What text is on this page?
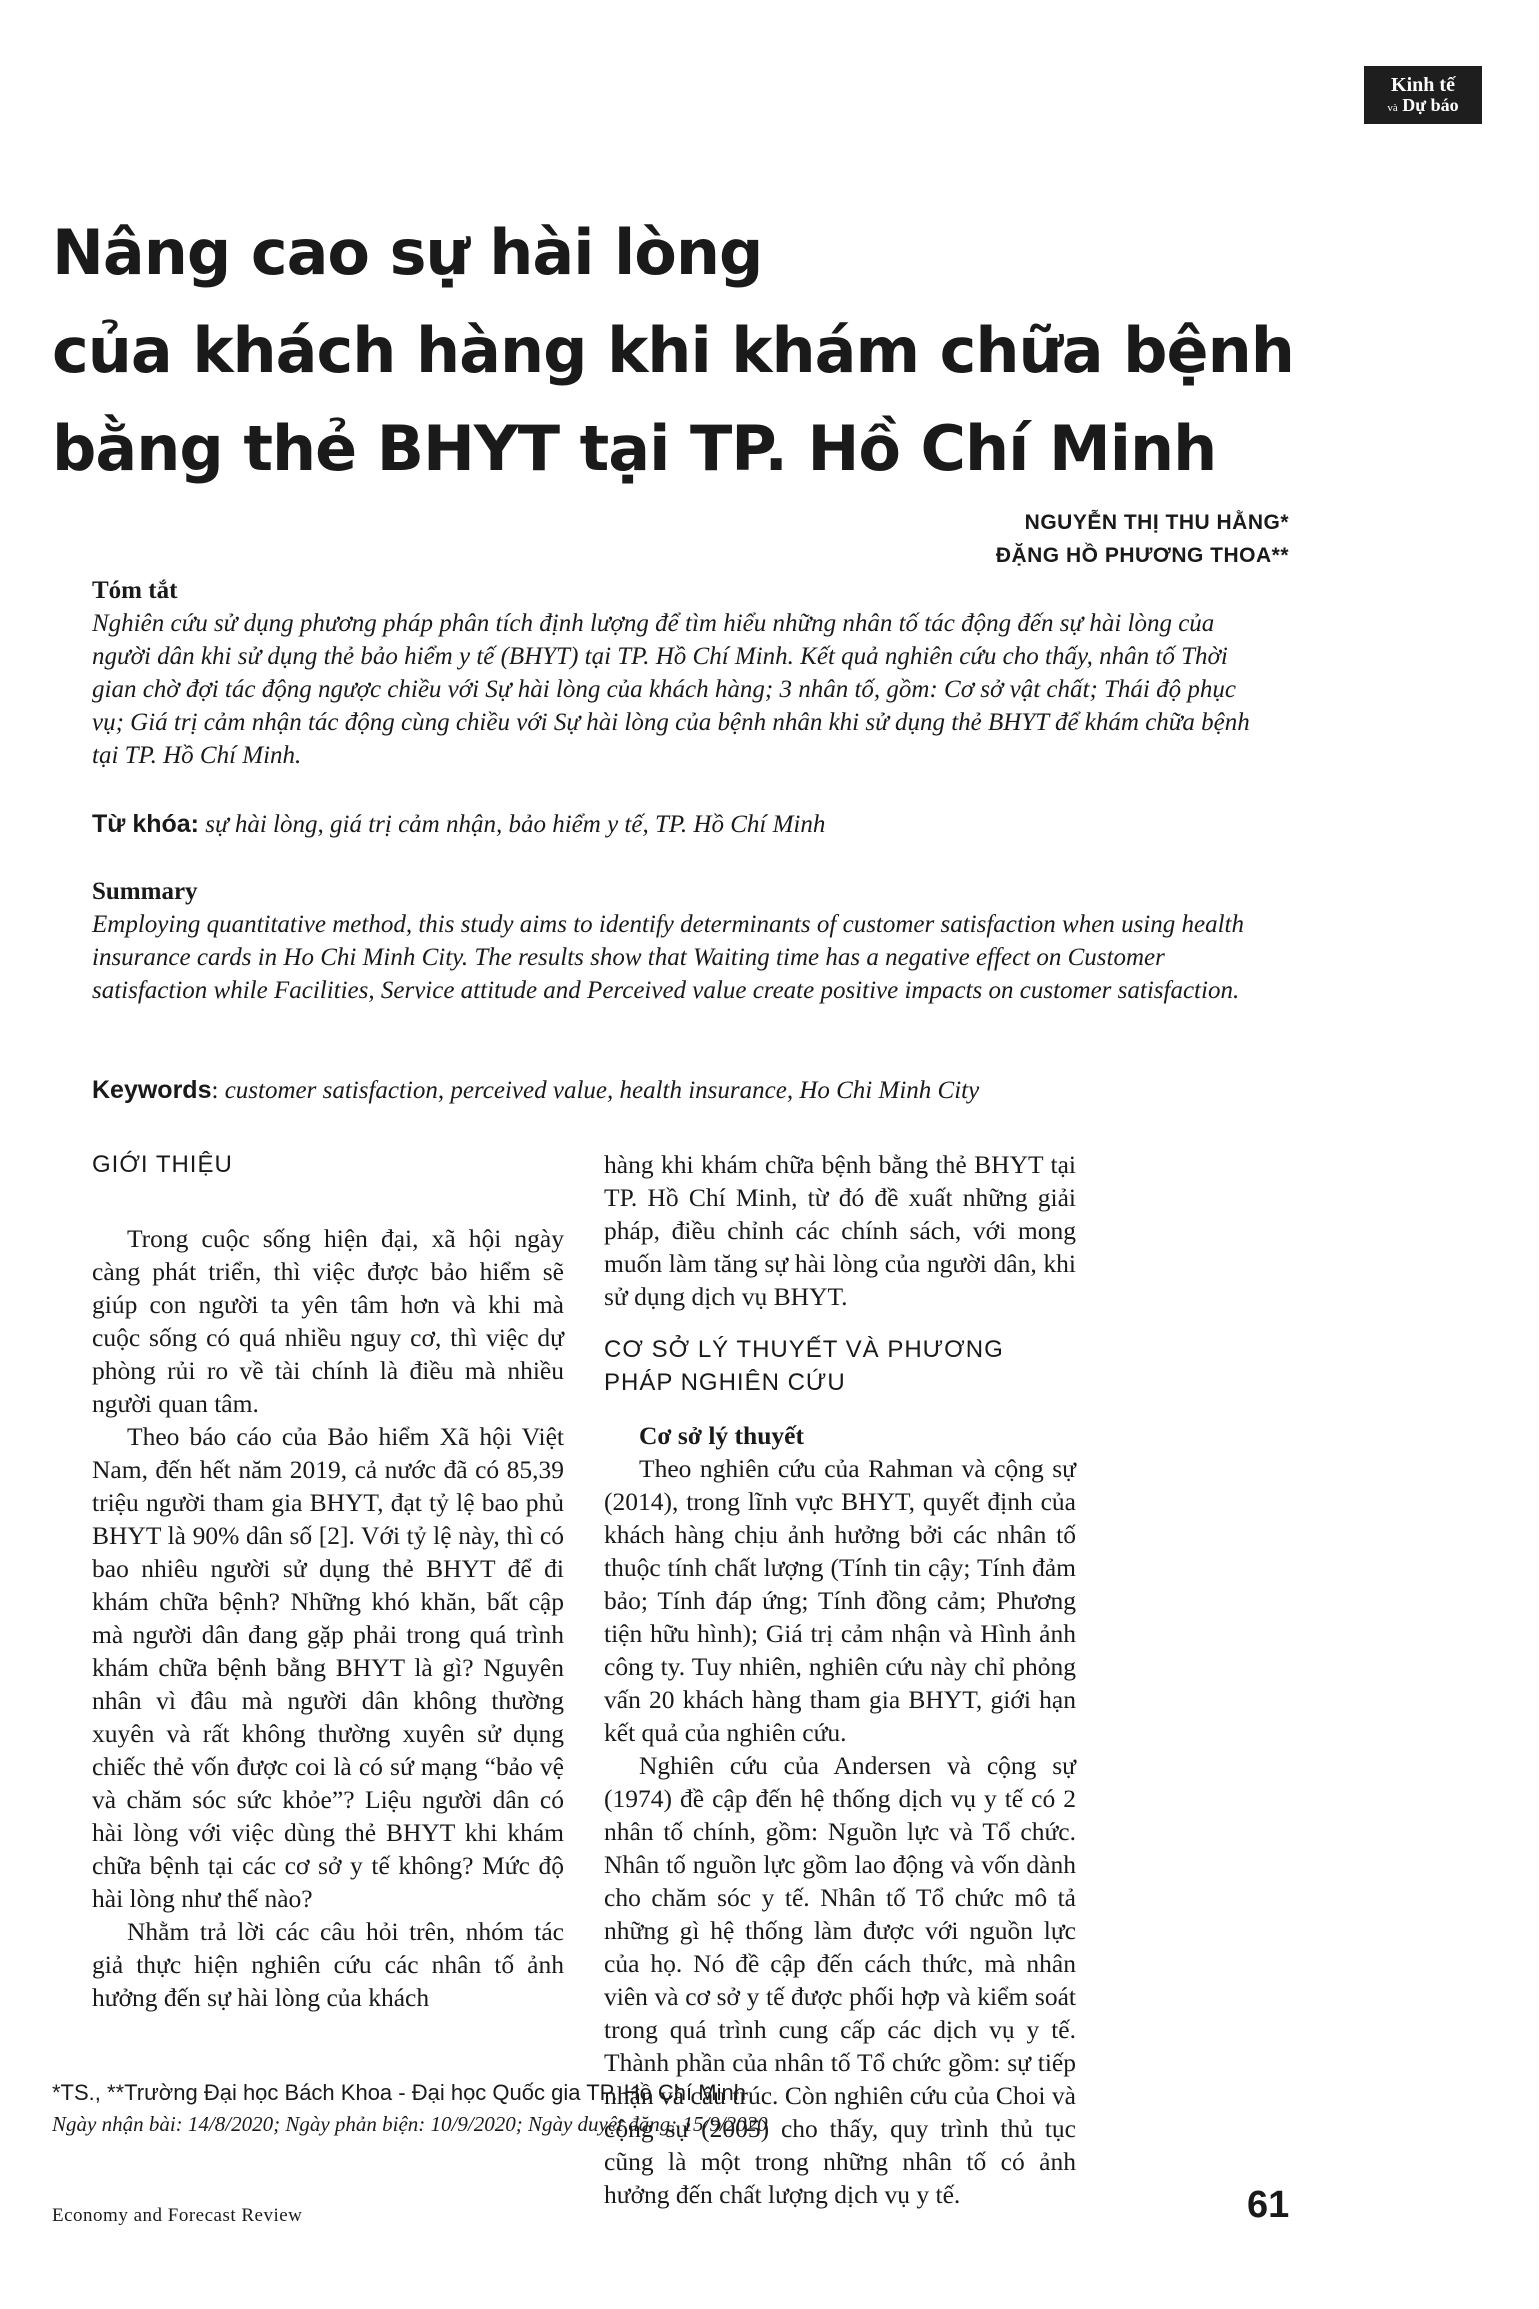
Kinh tế
và Dự báo
Nâng cao sự hài lòng
của khách hàng khi khám chữa bệnh
bằng thẻ BHYT tại TP. Hồ Chí Minh
NGUYỄN THỊ THU HẰNG*
ĐẶNG HỒ PHƯƠNG THOA**
Tóm tắt

Nghiên cứu sử dụng phương pháp phân tích định lượng để tìm hiểu những nhân tố tác động đến sự hài lòng của người dân khi sử dụng thẻ bảo hiểm y tế (BHYT) tại TP. Hồ Chí Minh. Kết quả nghiên cứu cho thấy, nhân tố Thời gian chờ đợi tác động ngược chiều với Sự hài lòng của khách hàng; 3 nhân tố, gồm: Cơ sở vật chất; Thái độ phục vụ; Giá trị cảm nhận tác động cùng chiều với Sự hài lòng của bệnh nhân khi sử dụng thẻ BHYT để khám chữa bệnh tại TP. Hồ Chí Minh.

Từ khóa: sự hài lòng, giá trị cảm nhận, bảo hiểm y tế, TP. Hồ Chí Minh
Summary

Employing quantitative method, this study aims to identify determinants of customer satisfaction when using health insurance cards in Ho Chi Minh City. The results show that Waiting time has a negative effect on Customer satisfaction while Facilities, Service attitude and Perceived value create positive impacts on customer satisfaction.

Keywords: customer satisfaction, perceived value, health insurance, Ho Chi Minh City
GIỚI THIỆU

Trong cuộc sống hiện đại, xã hội ngày càng phát triển, thì việc được bảo hiểm sẽ giúp con người ta yên tâm hơn và khi mà cuộc sống có quá nhiều nguy cơ, thì việc dự phòng rủi ro về tài chính là điều mà nhiều người quan tâm.

Theo báo cáo của Bảo hiểm Xã hội Việt Nam, đến hết năm 2019, cả nước đã có 85,39 triệu người tham gia BHYT, đạt tỷ lệ bao phủ BHYT là 90% dân số [2]. Với tỷ lệ này, thì có bao nhiêu người sử dụng thẻ BHYT để đi khám chữa bệnh? Những khó khăn, bất cập mà người dân đang gặp phải trong quá trình khám chữa bệnh bằng BHYT là gì? Nguyên nhân vì đâu mà người dân không thường xuyên và rất không thường xuyên sử dụng chiếc thẻ vốn được coi là có sứ mạng “bảo vệ và chăm sóc sức khỏe”? Liệu người dân có hài lòng với việc dùng thẻ BHYT khi khám chữa bệnh tại các cơ sở y tế không? Mức độ hài lòng như thế nào?

Nhằm trả lời các câu hỏi trên, nhóm tác giả thực hiện nghiên cứu các nhân tố ảnh hưởng đến sự hài lòng của khách

hàng khi khám chữa bệnh bằng thẻ BHYT tại TP. Hồ Chí Minh, từ đó đề xuất những giải pháp, điều chỉnh các chính sách, với mong muốn làm tăng sự hài lòng của người dân, khi sử dụng dịch vụ BHYT.

CƠ SỞ LÝ THUYẾT VÀ PHƯƠNG PHÁP NGHIÊN CỨU
Cơ sở lý thuyết

Theo nghiên cứu của Rahman và cộng sự (2014), trong lĩnh vực BHYT, quyết định của khách hàng chịu ảnh hưởng bởi các nhân tố thuộc tính chất lượng (Tính tin cậy; Tính đảm bảo; Tính đáp ứng; Tính đồng cảm; Phương tiện hữu hình); Giá trị cảm nhận và Hình ảnh công ty. Tuy nhiên, nghiên cứu này chỉ phỏng vấn 20 khách hàng tham gia BHYT, giới hạn kết quả của nghiên cứu.

Nghiên cứu của Andersen và cộng sự (1974) đề cập đến hệ thống dịch vụ y tế có 2 nhân tố chính, gồm: Nguồn lực và Tổ chức. Nhân tố nguồn lực gồm lao động và vốn dành cho chăm sóc y tế. Nhân tố Tổ chức mô tả những gì hệ thống làm được với nguồn lực của họ. Nó đề cập đến cách thức, mà nhân viên và cơ sở y tế được phối hợp và kiểm soát trong quá trình cung cấp các dịch vụ y tế. Thành phần của nhân tố Tổ chức gồm: sự tiếp nhận và cấu trúc. Còn nghiên cứu của Choi và cộng sự (2005) cho thấy, quy trình thủ tục cũng là một trong những nhân tố có ảnh hưởng đến chất lượng dịch vụ y tế.

*TS., **Trường Đại học Bách Khoa - Đại học Quốc gia TP. Hồ Chí Minh
Ngày nhận bài: 14/8/2020; Ngày phản biện: 10/9/2020; Ngày duyệt đăng: 15/9/2020
Economy and Forecast Review	61
